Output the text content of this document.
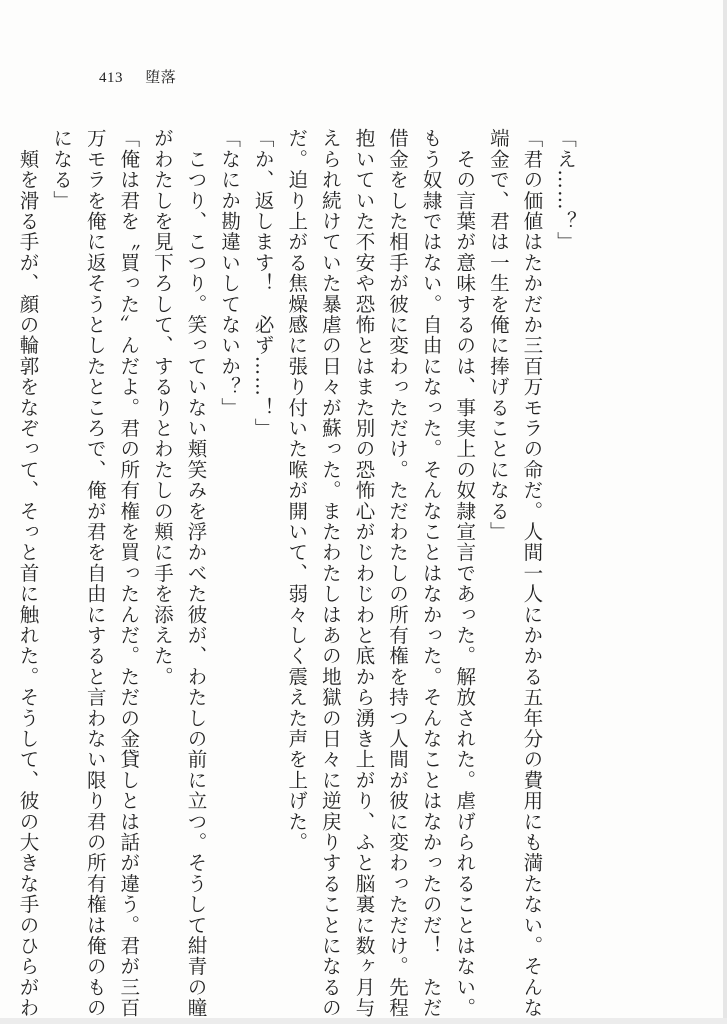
413 堕落

「え……？」

「君の価値はたかだか三百万モラの命だ。人間一人にかかる五年分の費用にも満たない。そんな

端金で、君は一生を俺に捧げることになる」

　その言葉が意味するのは、事実上の奴隷宣言であった。解放された。虐げられることはない。

もう奴隷ではない。自由になった。そんなことはなかった。そんなことはなかったのだ！　ただ

借金をした相手が彼に変わっただけ。ただわたしの所有権を持つ人間が彼に変わっただけ。先程

抱いていた不安や恐怖とはまた別の恐怖心がじわじわと底から湧き上がり、ふと脳裏に数ヶ月与

えられ続けていた暴虐の日々が蘇った。またわたしはあの地獄の日々に逆戻りすることになるの

だ。迫り上がる焦燥感に張り付いた喉が開いて、弱々しく震えた声を上げた。

「か、返します！　必ず……！」

「なにか勘違いしてないか？」

　こつり、こつり。笑っていない頬笑みを浮かべた彼が、わたしの前に立つ。そうして紺青の瞳

がわたしを見下ろして、するりとわたしの頬に手を添えた。

「俺は君を〝買った〟んだよ。君の所有権を買ったんだ。ただの金貸しとは話が違う。君が三百

万モラを俺に返そうとしたところで、俺が君を自由にすると言わない限り君の所有権は俺のもの

になる」

　頬を滑る手が、顔の輪郭をなぞって、そっと首に触れた。そうして、彼の大きな手のひらがわ
